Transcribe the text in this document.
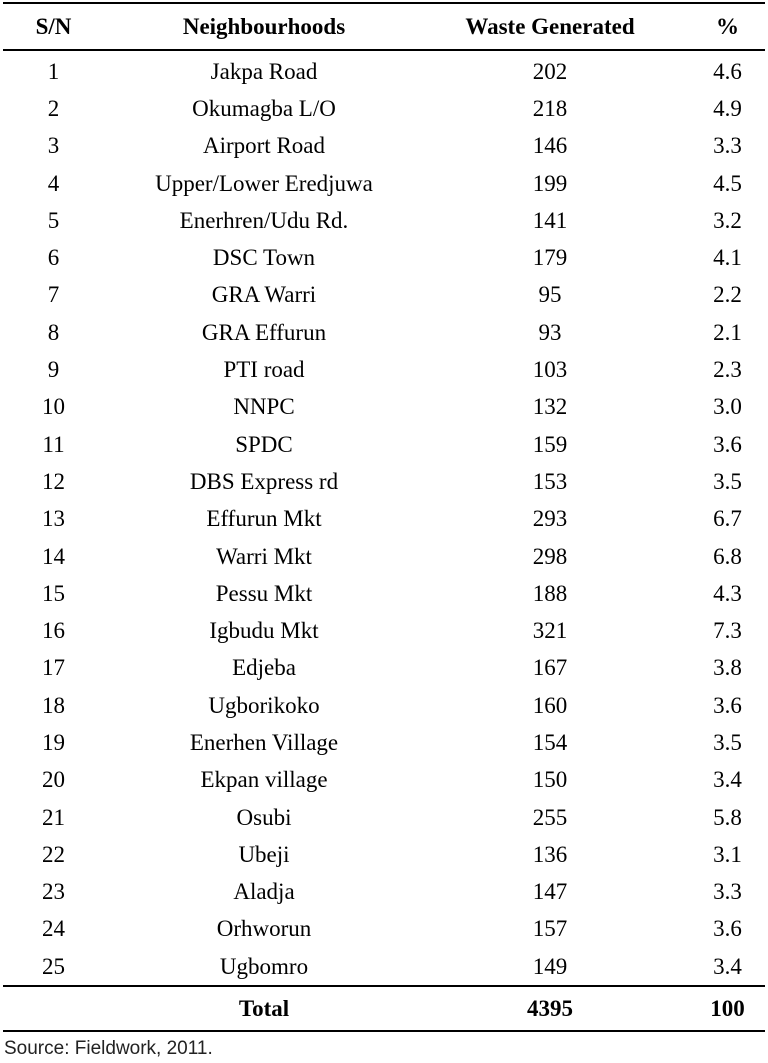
S/N	Neighbourhoods	Waste Generated	%
1	Jakpa Road	202	4.6
2	Okumagba L/O	218	4.9
3	Airport Road	146	3.3
4	Upper/Lower Eredjuwa	199	4.5
5	Enerhren/Udu Rd.	141	3.2
6	DSC Town	179	4.1
7	GRA Warri	95	2.2
8	GRA Effurun	93	2.1
9	PTI road	103	2.3
10	NNPC	132	3.0
11	SPDC	159	3.6
12	DBS Express rd	153	3.5
13	Effurun Mkt	293	6.7
14	Warri Mkt	298	6.8
15	Pessu Mkt	188	4.3
16	Igbudu Mkt	321	7.3
17	Edjeba	167	3.8
18	Ugborikoko	160	3.6
19	Enerhen Village	154	3.5
20	Ekpan village	150	3.4
21	Osubi	255	5.8
22	Ubeji	136	3.1
23	Aladja	147	3.3
24	Orhworun	157	3.6
25	Ugbomro	149	3.4
	Total	4395	100
Source: Fieldwork, 2011.
